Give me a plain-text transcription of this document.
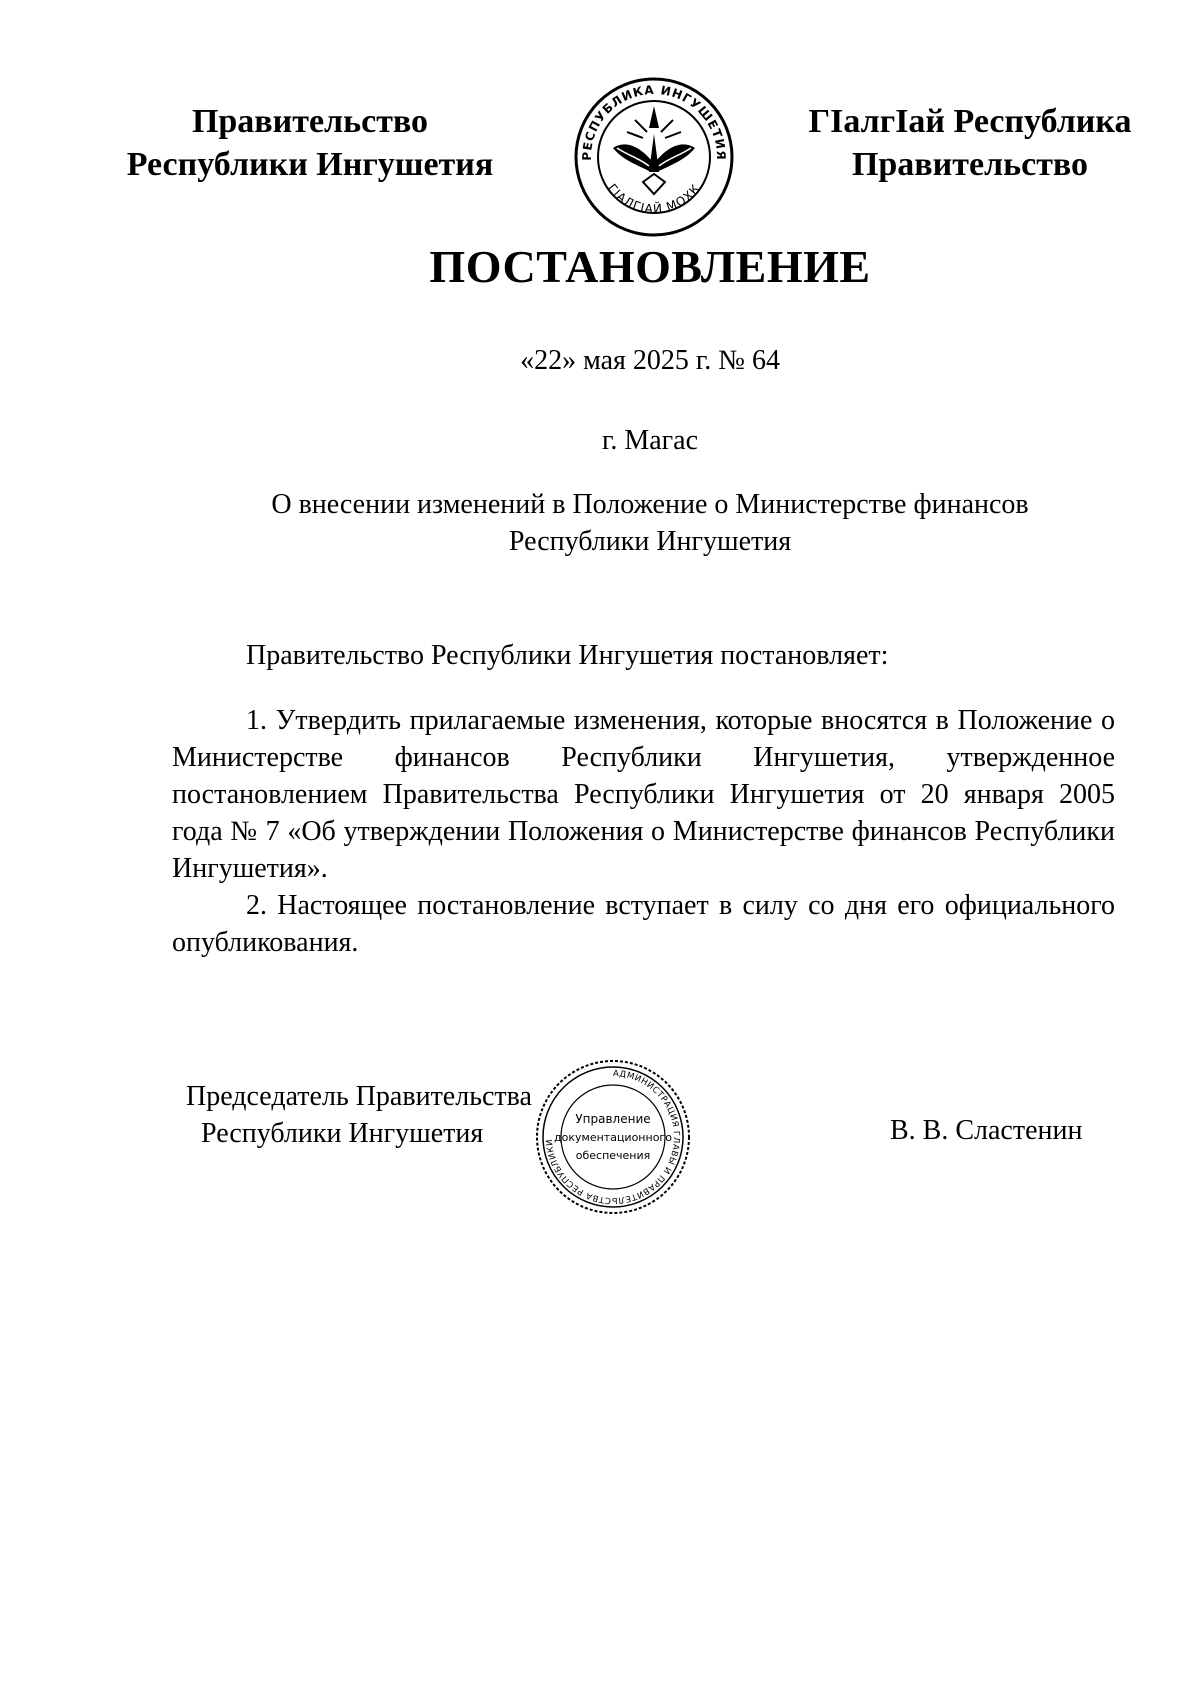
Правительство
Республики Ингушетия	РЕСПУБЛИКА ИНГУШЕТИЯ
ГIАЛГIАЙ МОХК
ГIалгIай Республика
Правительство
ПОСТАНОВЛЕНИЕ
«22» мая 2025 г. № 64
г. Магас
О внесении изменений в Положение о Министерстве финансов
Республики Ингушетия
Правительство Республики Ингушетия постановляет:

1. Утвердить прилагаемые изменения, которые вносятся в Положение о Министерстве финансов Республики Ингушетия, утвержденное постановлением Правительства Республики Ингушетия от 20 января 2005 года № 7 «Об утверждении Положения о Министерстве финансов Республики Ингушетия».

2. Настоящее постановление вступает в силу со дня его официального опубликования.

Председатель Правительства
Республики Ингушетия
АДМИНИСТРАЦИЯ ГЛАВЫ И ПРАВИТЕЛЬСТВА РЕСПУБЛИКИ
Управление
документационного
обеспечения
В. В. Сластенин
